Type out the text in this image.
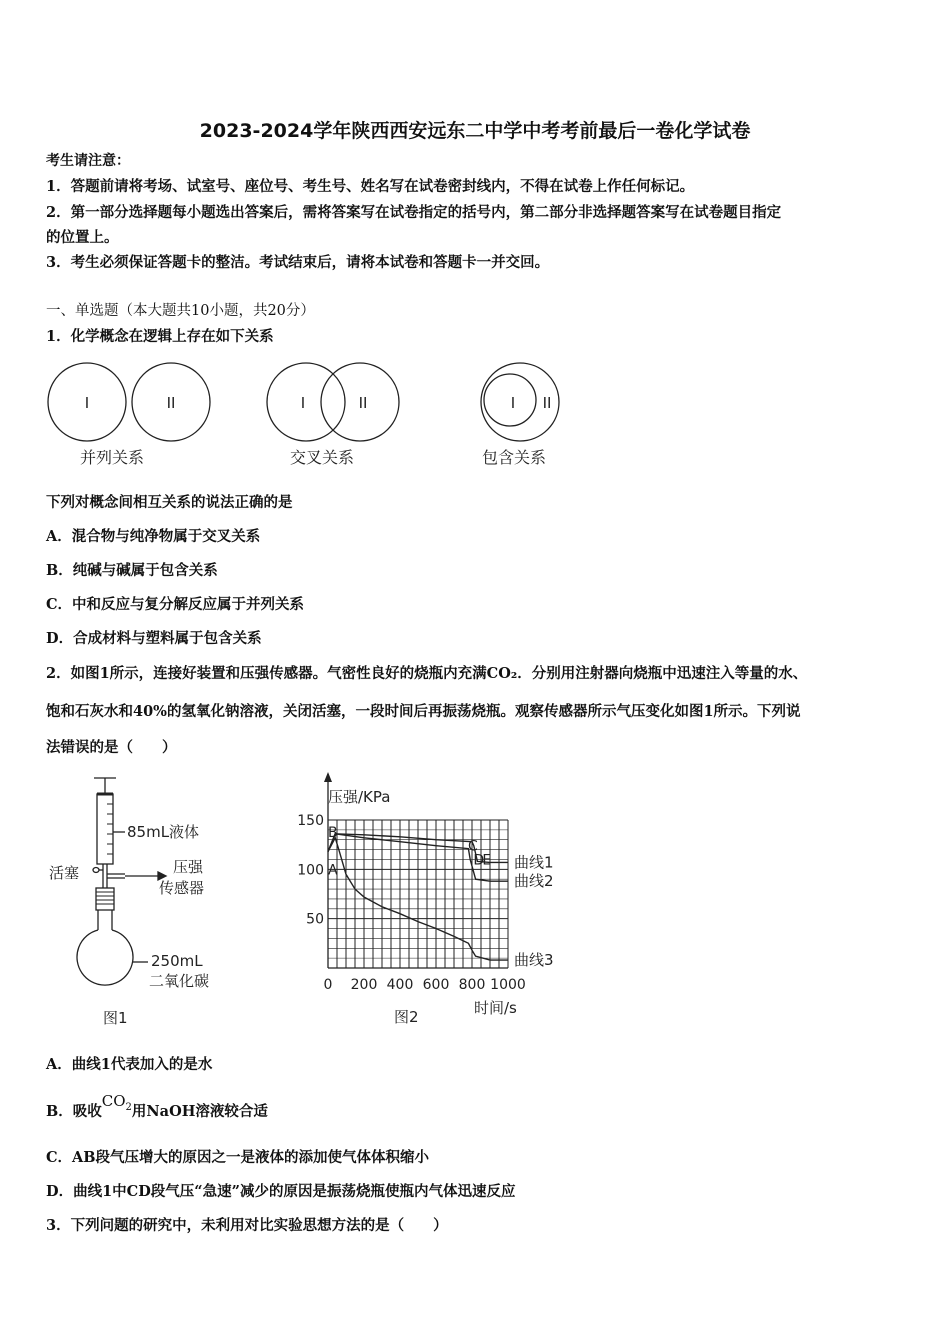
2023-2024学年陕西西安远东二中学中考考前最后一卷化学试卷
考生请注意：
1．答题前请将考场、试室号、座位号、考生号、姓名写在试卷密封线内，不得在试卷上作任何标记。
2．第一部分选择题每小题选出答案后，需将答案写在试卷指定的括号内，第二部分非选择题答案写在试卷题目指定
的位置上。
3．考生必须保证答题卡的整洁。考试结束后，请将本试卷和答题卡一并交回。
一、单选题（本大题共10小题，共20分）
1．化学概念在逻辑上存在如下关系
I	II	I	II	I II
并列关系	交叉关系	包含关系
下列对概念间相互关系的说法正确的是
A．混合物与纯净物属于交叉关系
B．纯碱与碱属于包含关系
C．中和反应与复分解反应属于并列关系
D．合成材料与塑料属于包含关系
2．如图1所示，连接好装置和压强传感器。气密性良好的烧瓶内充满CO₂．分别用注射器向烧瓶中迅速注入等量的水、
饱和石灰水和40%的氢氧化钠溶液，关闭活塞，一段时间后再振荡烧瓶。观察传感器所示气压变化如图1所示。下列说
法错误的是（　　）
85mL液体
活塞	压强
传感器
250mL
二氧化碳
图1
50
100
150
0 200 400 600 800 1000
压强/KPa
时间/s
曲线1
曲线2
曲线3
A
B
C
D
E
图2
A．曲线1代表加入的是水
B．吸收$CO_2$用NaOH溶液较合适
C．AB段气压增大的原因之一是液体的添加使气体体积缩小
D．曲线1中CD段气压“急速”减少的原因是振荡烧瓶使瓶内气体迅速反应
3．下列问题的研究中，未利用对比实验思想方法的是（　　）
